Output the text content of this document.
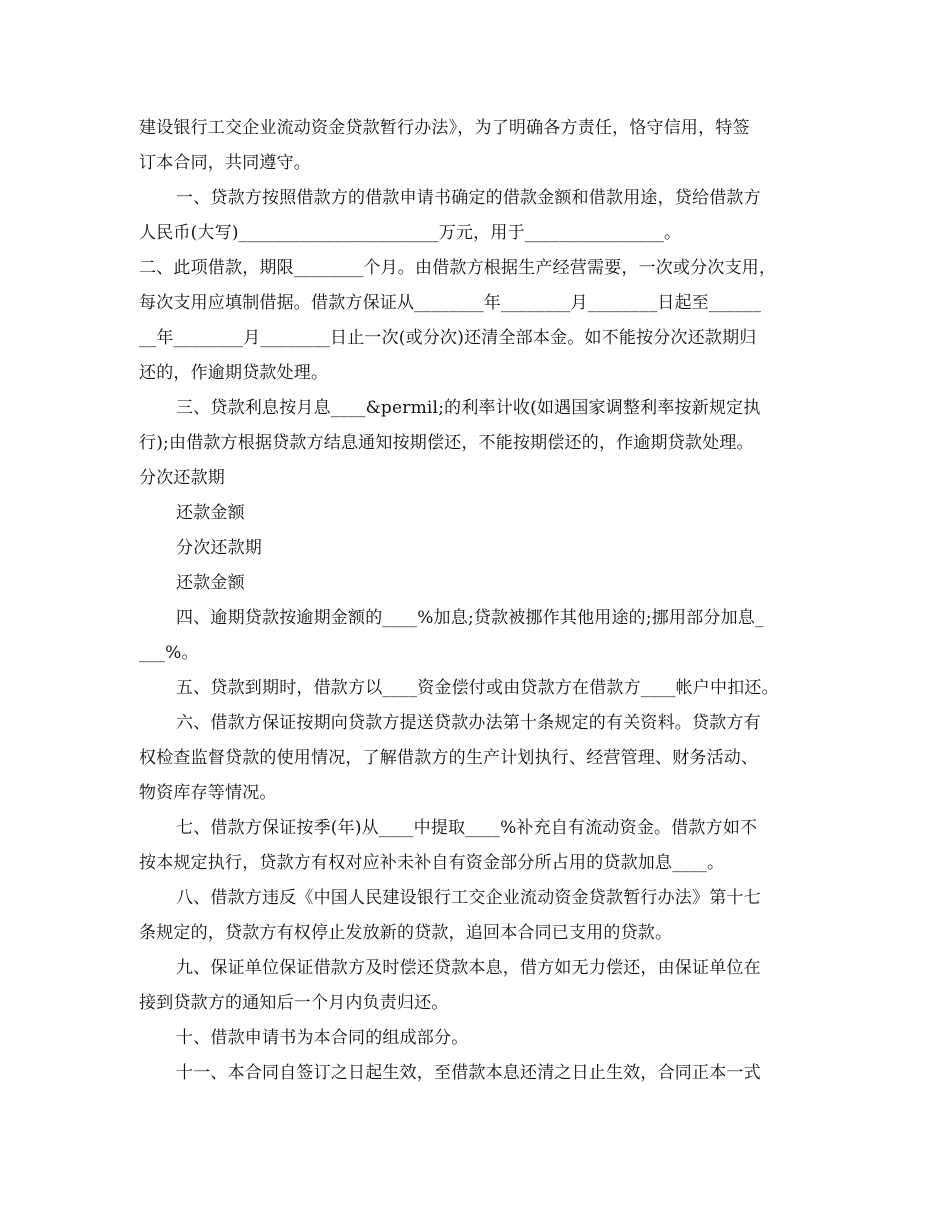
建设银行工交企业流动资金贷款暂行办法》，为了明确各方责任，恪守信用，特签
订本合同，共同遵守。
一、贷款方按照借款方的借款申请书确定的借款金额和借款用途，贷给借款方
人民币(大写)_______________________万元，用于________________。
二、此项借款，期限________个月。由借款方根据生产经营需要，一次或分次支用，
每次支用应填制借据。借款方保证从________年________月________日起至______
__年________月________日止一次(或分次)还清全部本金。如不能按分次还款期归
还的，作逾期贷款处理。
三、贷款利息按月息____&permil;的利率计收(如遇国家调整利率按新规定执
行);由借款方根据贷款方结息通知按期偿还，不能按期偿还的，作逾期贷款处理。
分次还款期
还款金额
分次还款期
还款金额
四、逾期贷款按逾期金额的____%加息;贷款被挪作其他用途的;挪用部分加息_
___%。
五、贷款到期时，借款方以____资金偿付或由贷款方在借款方____帐户中扣还。
六、借款方保证按期向贷款方提送贷款办法第十条规定的有关资料。贷款方有
权检查监督贷款的使用情况，了解借款方的生产计划执行、经营管理、财务活动、
物资库存等情况。
七、借款方保证按季(年)从____中提取____%补充自有流动资金。借款方如不
按本规定执行，贷款方有权对应补未补自有资金部分所占用的贷款加息____。
八、借款方违反《中国人民建设银行工交企业流动资金贷款暂行办法》第十七
条规定的，贷款方有权停止发放新的贷款，追回本合同已支用的贷款。
九、保证单位保证借款方及时偿还贷款本息，借方如无力偿还，由保证单位在
接到贷款方的通知后一个月内负责归还。
十、借款申请书为本合同的组成部分。
十一、本合同自签订之日起生效，至借款本息还清之日止生效，合同正本一式
